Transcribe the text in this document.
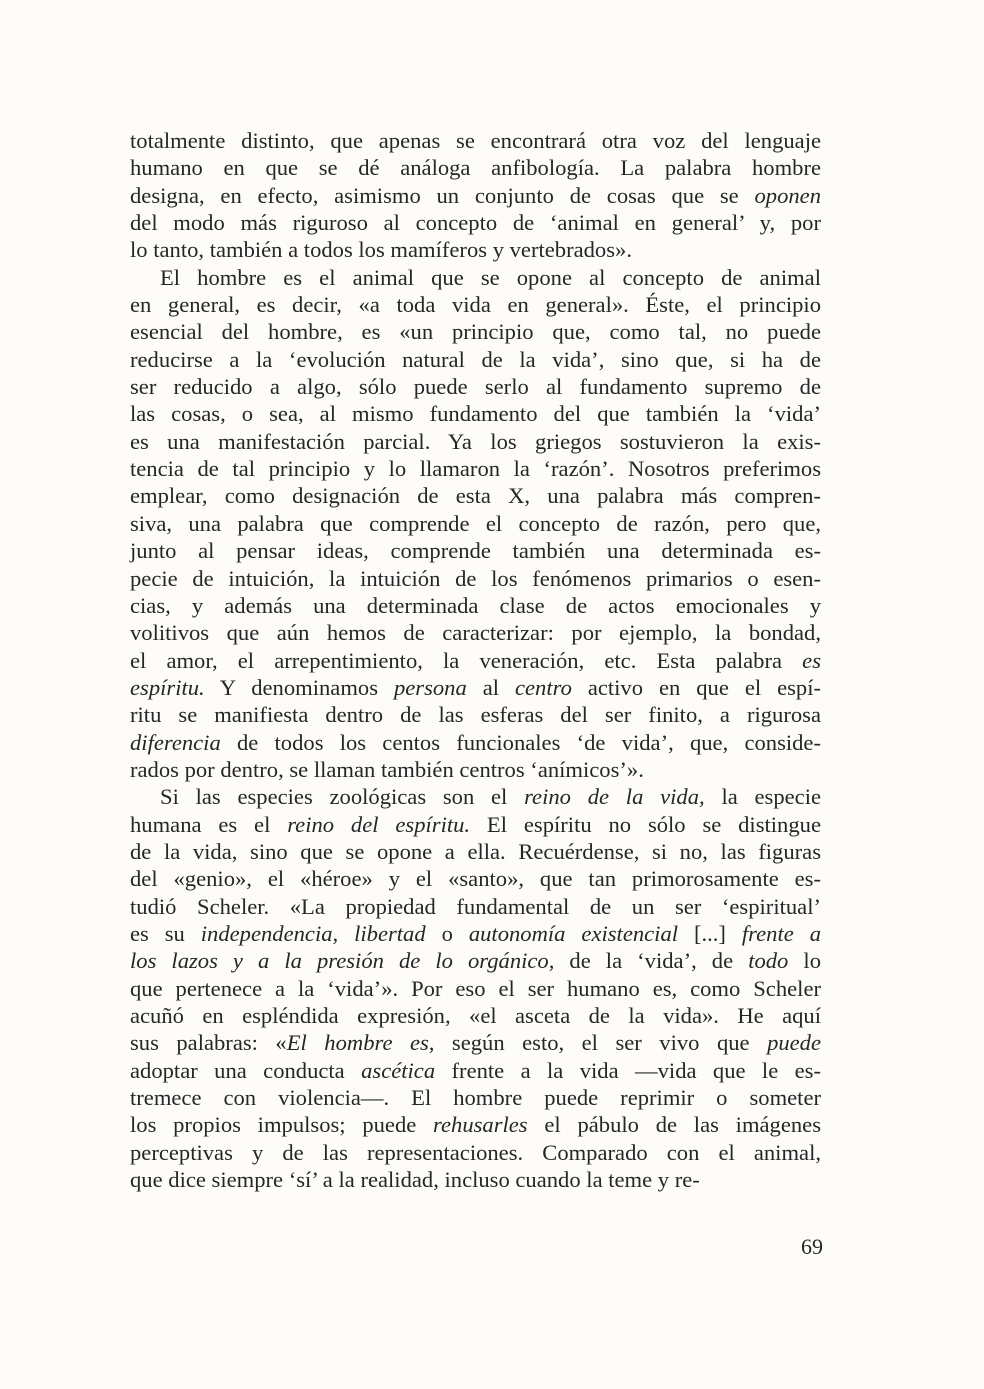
totalmente distinto, que apenas se encontrará otra voz del lenguaje
humano en que se dé análoga anfibología. La palabra hombre
designa, en efecto, asimismo un conjunto de cosas que se oponen
del modo más riguroso al concepto de ‘animal en general’ y, por
lo tanto, también a todos los mamíferos y vertebrados».

El hombre es el animal que se opone al concepto de animal
en general, es decir, «a toda vida en general». Éste, el principio
esencial del hombre, es «un principio que, como tal, no puede
reducirse a la ‘evolución natural de la vida’, sino que, si ha de
ser reducido a algo, sólo puede serlo al fundamento supremo de
las cosas, o sea, al mismo fundamento del que también la ‘vida’
es una manifestación parcial. Ya los griegos sostuvieron la exis-
tencia de tal principio y lo llamaron la ‘razón’. Nosotros preferimos
emplear, como designación de esta X, una palabra más compren-
siva, una palabra que comprende el concepto de razón, pero que,
junto al pensar ideas, comprende también una determinada es-
pecie de intuición, la intuición de los fenómenos primarios o esen-
cias, y además una determinada clase de actos emocionales y
volitivos que aún hemos de caracterizar: por ejemplo, la bondad,
el amor, el arrepentimiento, la veneración, etc. Esta palabra es
espíritu. Y denominamos persona al centro activo en que el espí-
ritu se manifiesta dentro de las esferas del ser finito, a rigurosa
diferencia de todos los centos funcionales ‘de vida’, que, conside-
rados por dentro, se llaman también centros ‘anímicos’».

Si las especies zoológicas son el reino de la vida, la especie
humana es el reino del espíritu. El espíritu no sólo se distingue
de la vida, sino que se opone a ella. Recuérdense, si no, las figuras
del «genio», el «héroe» y el «santo», que tan primorosamente es-
tudió Scheler. «La propiedad fundamental de un ser ‘espiritual’
es su independencia, libertad o autonomía existencial [...] frente a
los lazos y a la presión de lo orgánico, de la ‘vida’, de todo lo
que pertenece a la ‘vida’». Por eso el ser humano es, como Scheler
acuñó en espléndida expresión, «el asceta de la vida». He aquí
sus palabras: «El hombre es, según esto, el ser vivo que puede
adoptar una conducta ascética frente a la vida —vida que le es-
tremece con violencia—. El hombre puede reprimir o someter
los propios impulsos; puede rehusarles el pábulo de las imágenes
perceptivas y de las representaciones. Comparado con el animal,
que dice siempre ‘sí’ a la realidad, incluso cuando la teme y re-

69
